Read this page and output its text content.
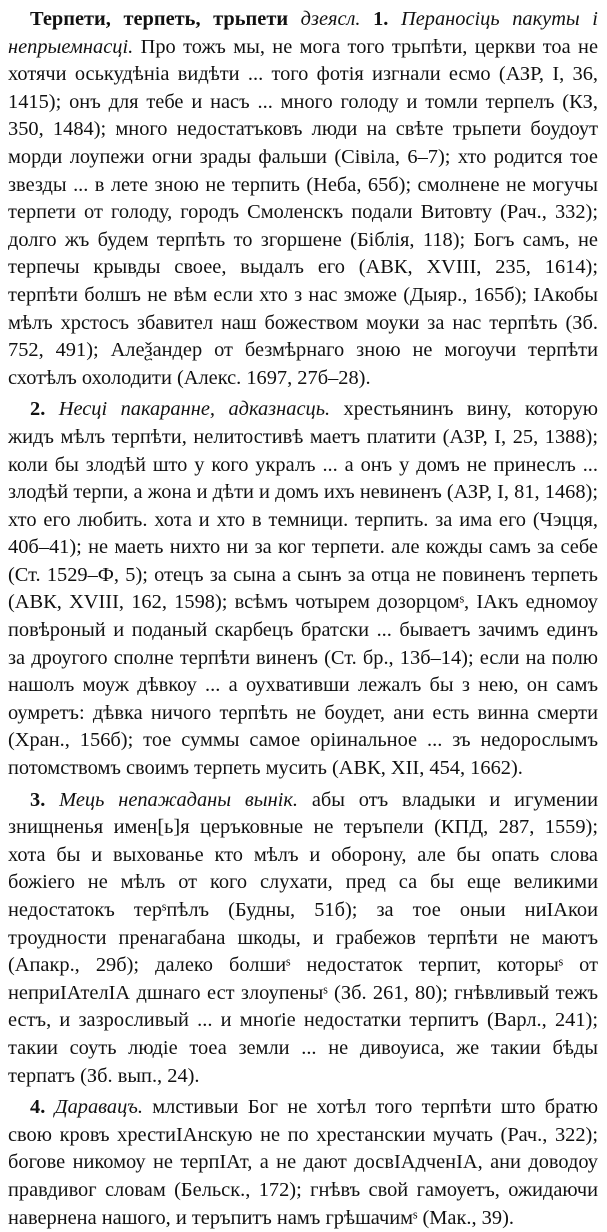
Терпети, терпеть, трьпети дзеясл. 1. Пераносіць пакуты і непрыемнасці. Про тожъ мы, не мога того трьпѣти, церкви тоа не хотячи оськудѣніа видѣти ... того фотія изгнали есмо (АЗР, І, 36, 1415); онъ для тебе и насъ ... много голоду и томли терпелъ (КЗ, 350, 1484); много недостатъковъ люди на свѣте трьпети боудоут морди лоупежи огни зрады фальши (Сівіла, 6–7); хто родится тое звезды ... в лете зною не терпить (Неба, 65б); смолнене не могучы терпети от голоду, городъ Смоленскъ подали Витовту (Рач., 332); долго жъ будем терпѣть то згоршене (Біблія, 118); Богъ самъ, не терпечы крывды своее, выдалъ его (АВК, XVIII, 235, 1614); терпѣти болшъ не вѣм если хто з нас зможе (Дыяр., 165б); ІАкобы мѣлъ хрстосъ збавител наш божеством моуки за нас терпѣть (Зб. 752, 491); Алеѯандер от безмѣрнаго зною не могоучи терпѣти схотѣлъ охолодити (Алекс. 1697, 27б–28).

2. Несці пакаранне, адказнасць. хрестьянинъ вину, которую жидъ мѣлъ терпѣти, нелитостивѣ маетъ платити (АЗР, І, 25, 1388); коли бы злодѣй што у кого укралъ ... а онъ у домъ не принеслъ ... злодѣй терпи, а жона и дѣти и домъ ихъ невиненъ (АЗР, І, 81, 1468); хто его любить. хота и хто в темници. терпить. за има его (Чэцця, 40б–41); не маеть нихто ни за ког терпети. але кожды самъ за себе (Ст. 1529–Ф, 5); отецъ за сына а сынъ за отца не повиненъ терпеть (АВК, XVIII, 162, 1598); всѣмъ чотырем дозорцомˢ, ІАкъ едномоу повѣроный и поданый скарбецъ братски ... бываетъ зачимъ единъ за дроугого сполне терпѣти виненъ (Ст. бр., 13б–14); если на полю нашолъ моуж дѣвкоу ... а оухвативши лежалъ бы з нею, он самъ оумретъ: дѣвка ничого терпѣть не боудет, ани есть винна смерти (Хран., 156б); тое суммы самое оріинальное ... зъ недорослымъ потомствомъ своимъ терпеть мусить (АВК, XII, 454, 1662).

3. Мець непажаданы вынік. абы отъ владыки и игумении знищненья имен[ь]я церъковные не теръпели (КПД, 287, 1559); хота бы и выхованье кто мѣлъ и оборону, але бы опать слова божіего не мѣлъ от кого слухати, пред са бы еще великими недостатокъ терˢпѣлъ (Будны, 51б); за тое оныи ниІАкои троудности пренагабана шкоды, и грабежов терпѣти не маютъ (Апакр., 29б); далеко болшиˢ недостаток терпит, которыˢ от неприІАтелІА дшнаго ест злоупеныˢ (Зб. 261, 80); гнѣвливый тежъ естъ, и зазросливый ... и мноґіе недостатки терпитъ (Варл., 241); такии соуть людіе тоеа земли ... не дивоуиса, же такии бѣды терпатъ (Зб. вып., 24).

4. Даравацъ. млстивыи Бог не хотѣл того терпѣти што братю свою кровъ хрестиІАнскую не по хрестанскии мучать (Рач., 322); богове никомоу не терпІАт, а не дают досвІАдченІА, ани доводоу правдивог словам (Бельск., 172); гнѣвъ свой гамоуетъ, ожидаючи навернена нашого, и теръпитъ намъ грѣшачимˢ (Мак., 39).
